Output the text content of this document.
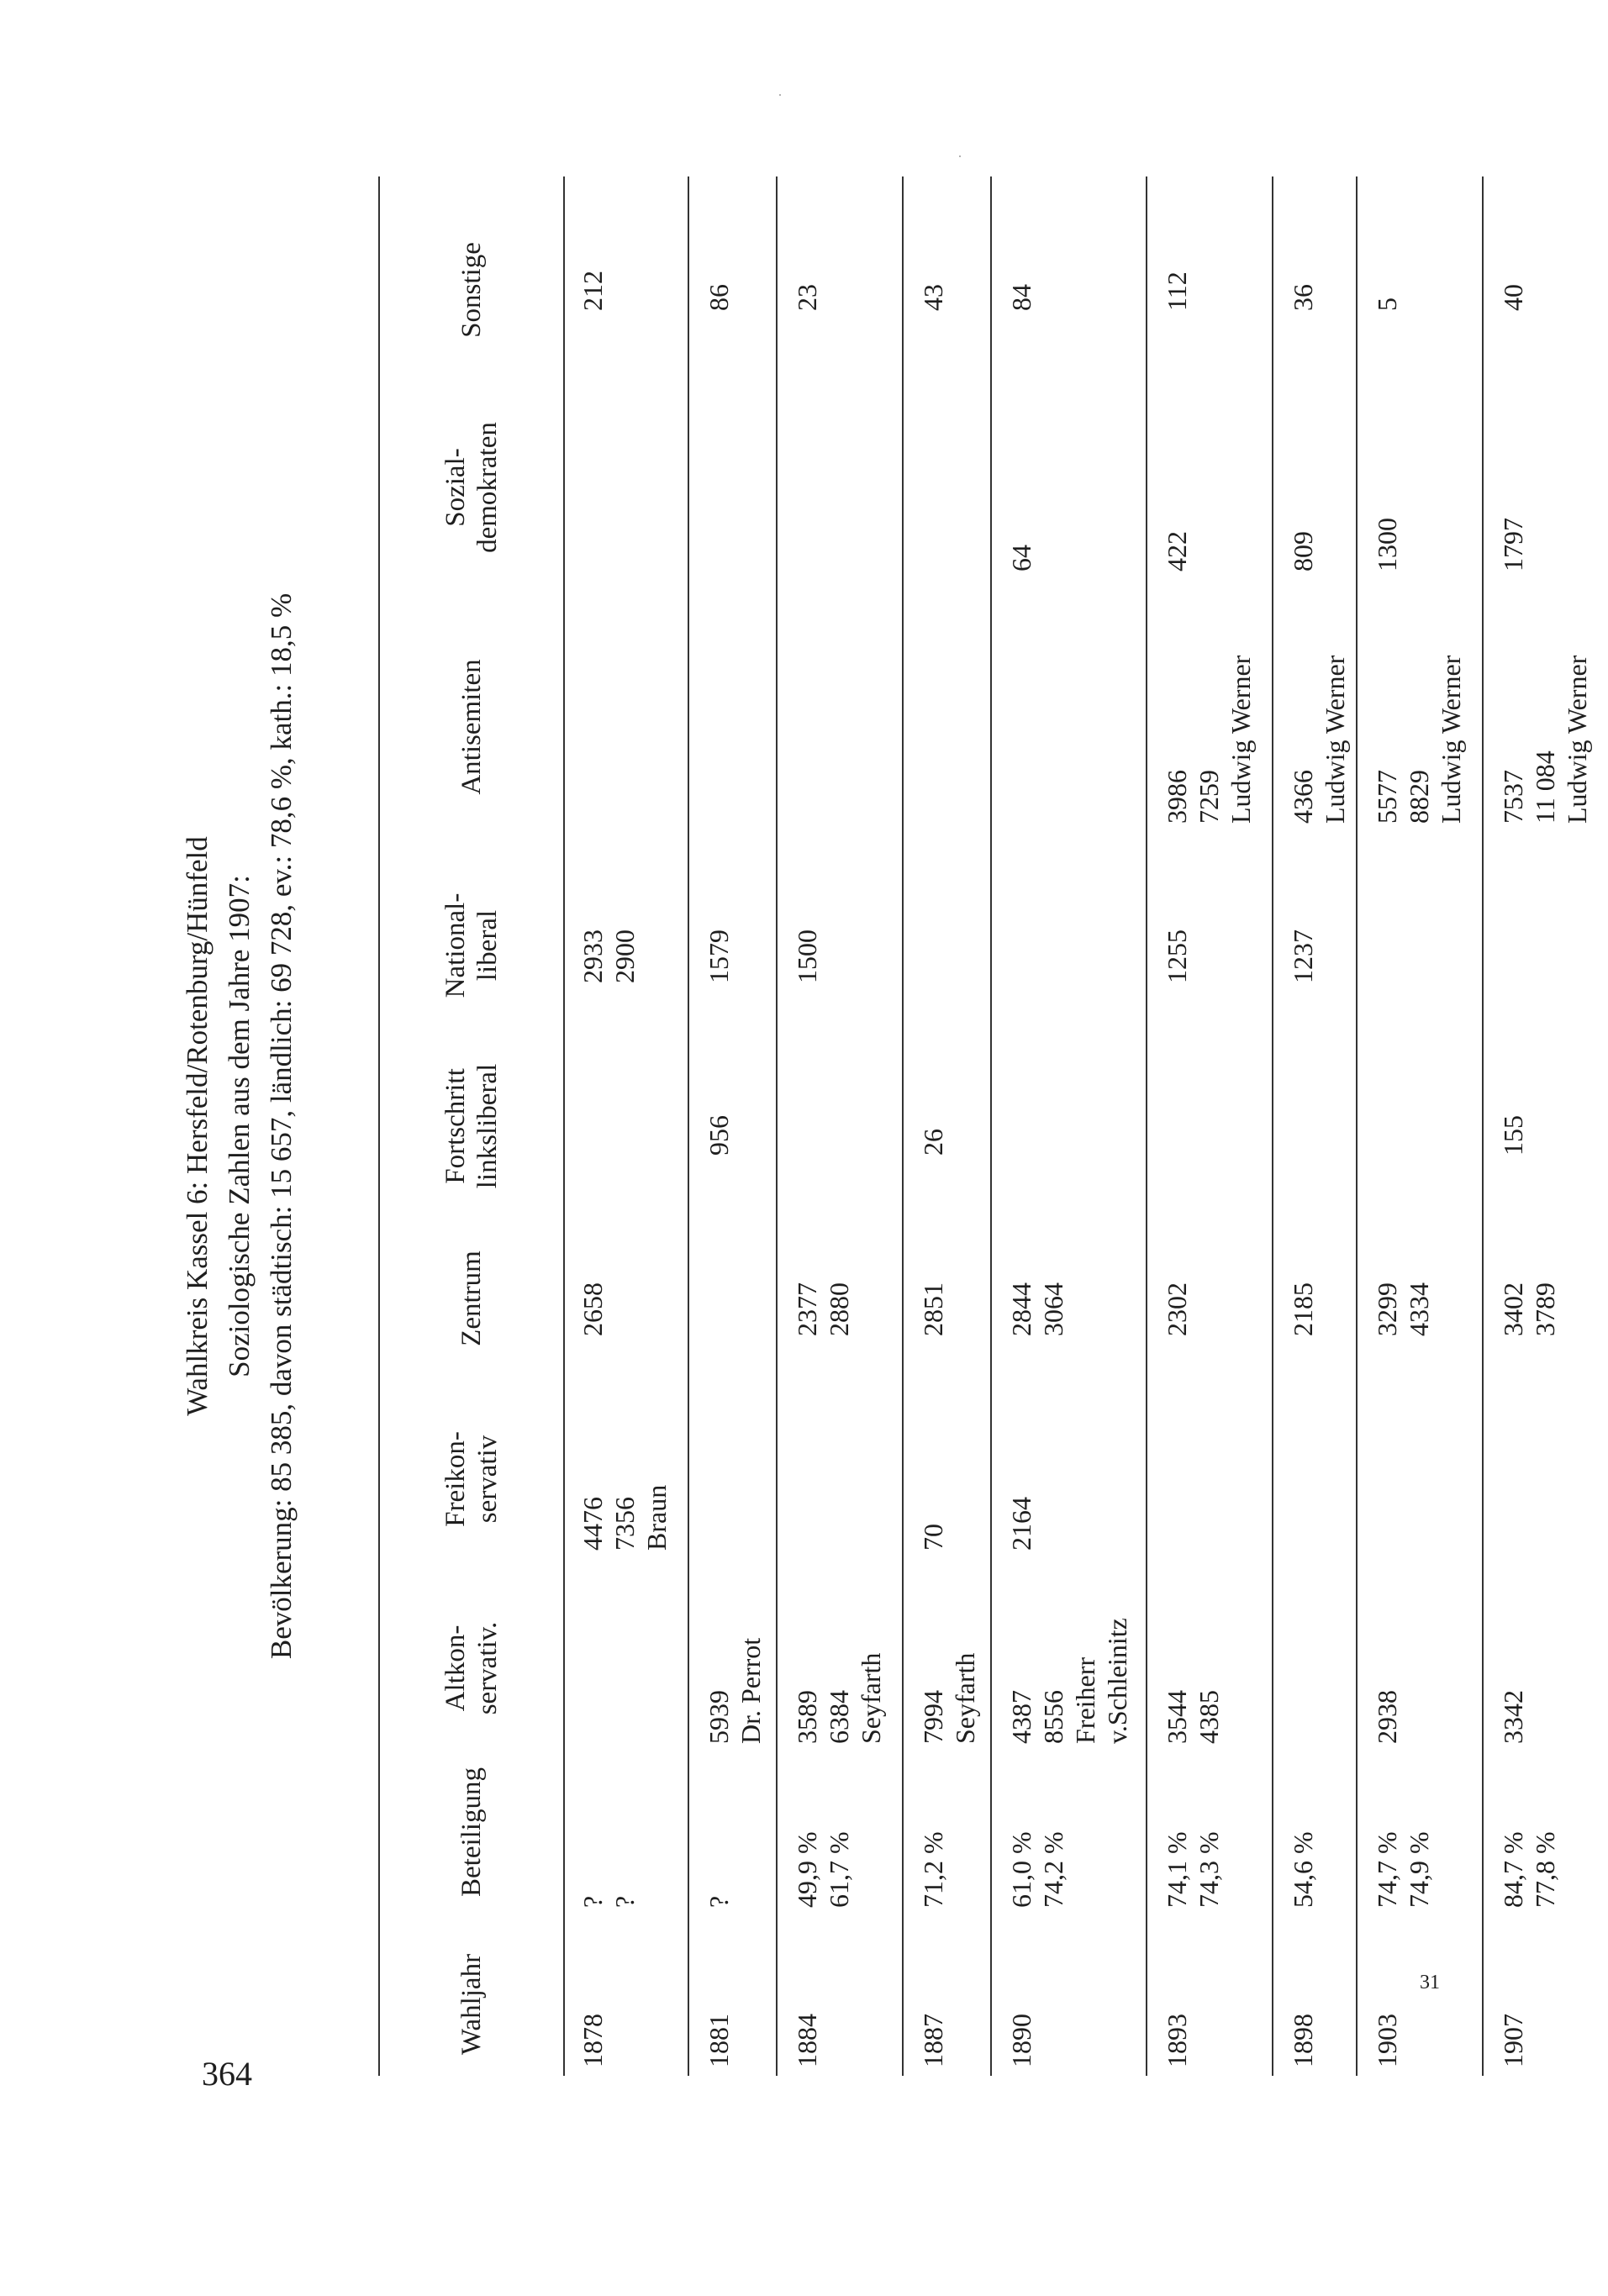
Wahlkreis Kassel 6: Hersfeld/Rotenburg/Hünfeld Soziologische Zahlen aus dem Jahre 1907: Bevölkerung: 85 385, davon städtisch: 15 657, ländlich: 69 728, ev.: 78,6 %, kath.: 18,5 %
Wahljahr
Beteiligung
Altkon- servativ.
Freikon- servativ
Zentrum
Fortschritt linksliberal
National- liberal
Antisemiten
Sozial- demokraten
Sonstige
1878
? ?
4476 7356 Braun
2658
2933 2900
212
1881
?
5939 Dr. Perrot
956
1579
86
1884
49,9 % 61,7 %
3589 6384 Seyfarth
2377 2880
1500
23
1887
71,2 %
7994 Seyfarth
70
2851
26
43
1890
61,0 % 74,2 %
4387 8556 Freiherr v.Schleinitz
2164
2844 3064
64
84
1893
74,1 % 74,3 %
3544 4385
2302
1255
3986 7259 Ludwig Werner
422
112
1898
54,6 %
2185
1237
4366 Ludwig Werner
809
36
1903
74,7 % 74,9 %
2938
3299 4334
5577 8829 Ludwig Werner
1300
5
1907
84,7 % 77,8 %
3342
3402 3789
155
7537 11 084 Ludwig Werner
1797
40
364
31
